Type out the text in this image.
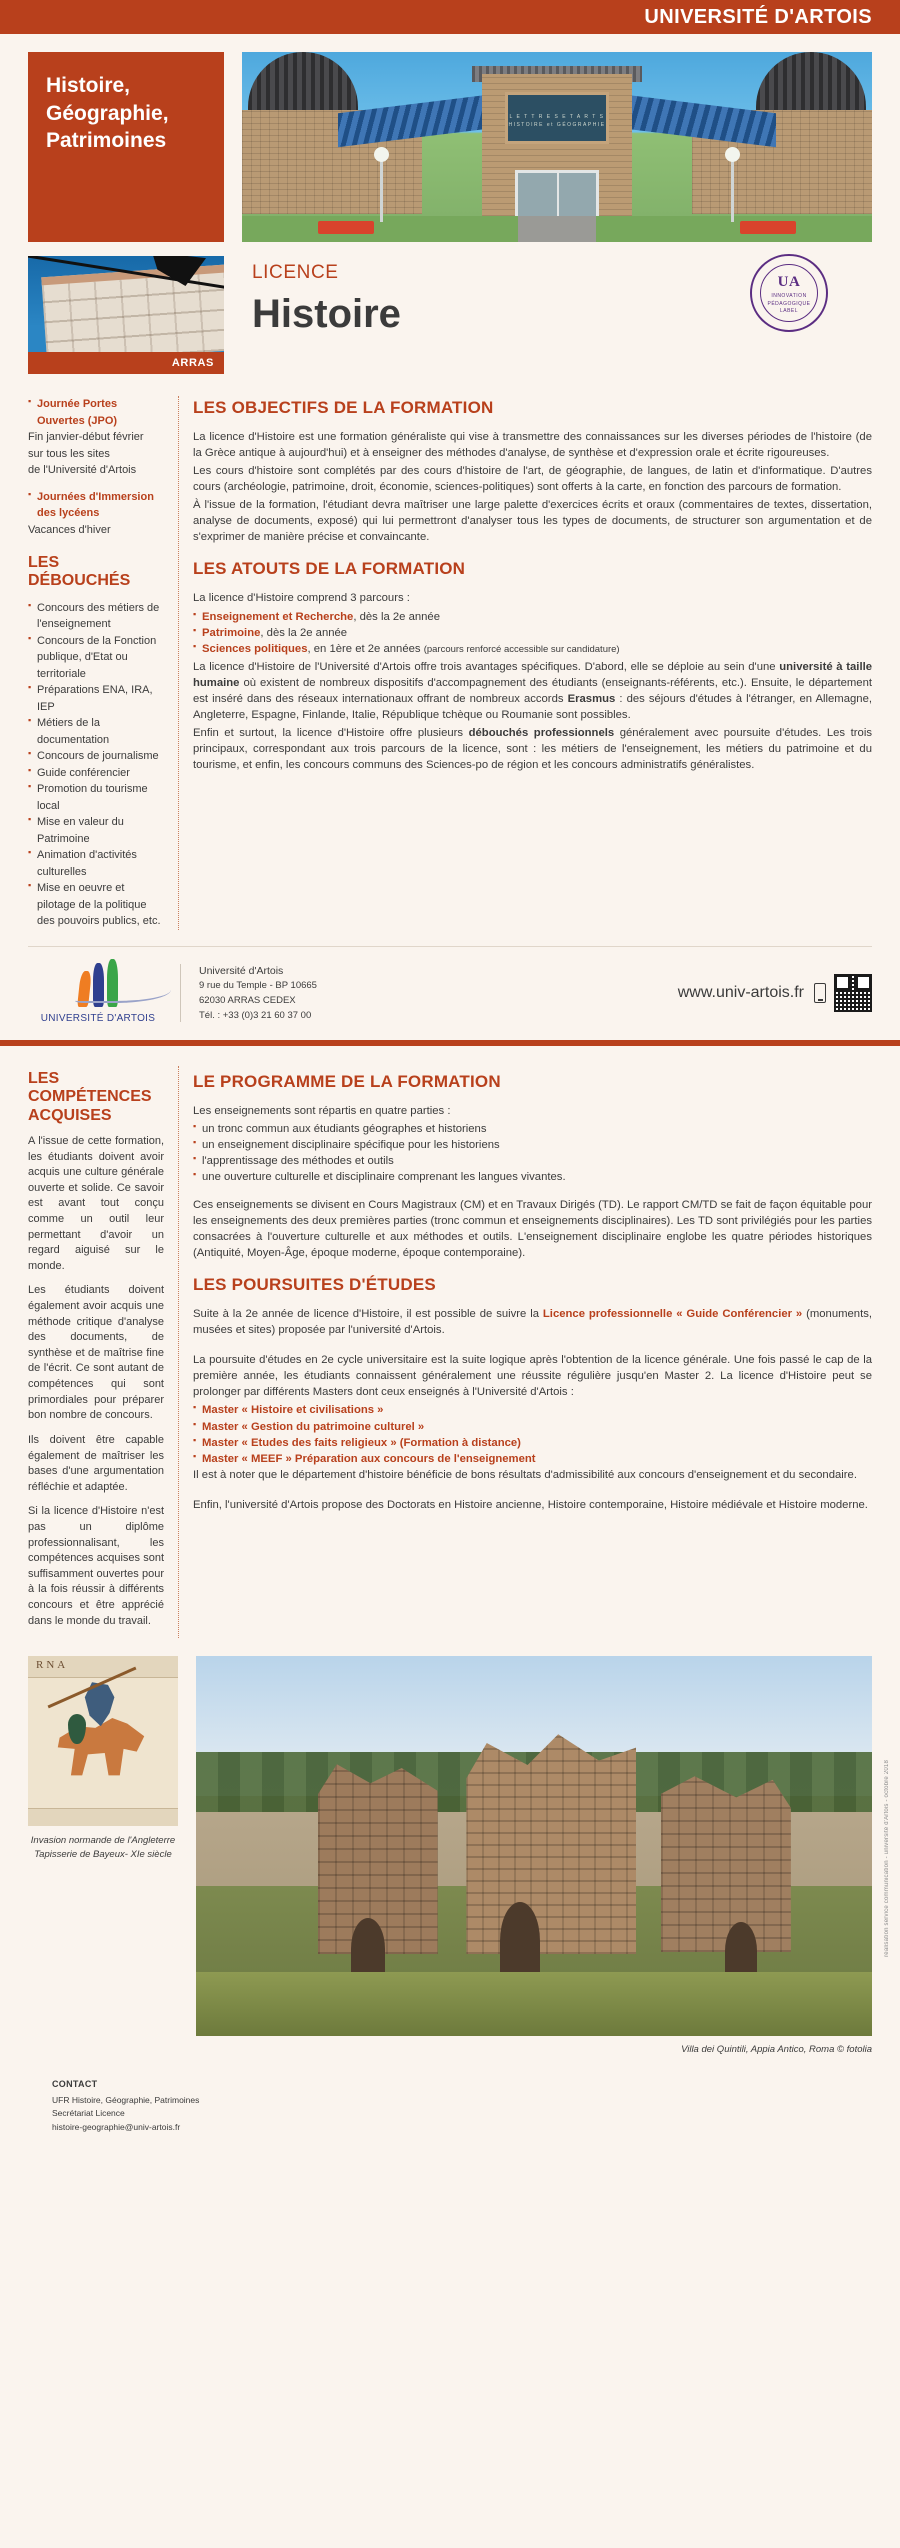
UNIVERSITÉ D'ARTOIS
Histoire,
Géographie,
Patrimoines
L E T T R E S E T A R T S
HISTOIRE et GÉOGRAPHIE
ARRAS
LICENCE
Histoire
UA
INNOVATION PÉDAGOGIQUE LABEL
▪ Journée Portes Ouvertes (JPO)
Fin janvier-début février
sur tous les sites
de l'Université d'Artois
▪ Journées d'Immersion des lycéens
Vacances d'hiver
LES DÉBOUCHÉS
▪ Concours des métiers de l'enseignement
▪ Concours de la Fonction publique, d'Etat ou territoriale
▪ Préparations ENA, IRA, IEP
▪ Métiers de la documentation
▪ Concours de journalisme
▪ Guide conférencier
▪ Promotion du tourisme local
▪ Mise en valeur du Patrimoine
▪ Animation d'activités culturelles
▪ Mise en oeuvre et pilotage de la politique des pouvoirs publics, etc.
LES OBJECTIFS DE LA FORMATION
La licence d'Histoire est une formation généraliste qui vise à transmettre des connaissances sur les diverses périodes de l'histoire (de la Grèce antique à aujourd'hui) et à enseigner des méthodes d'analyse, de synthèse et d'expression orale et écrite rigoureuses.
Les cours d'histoire sont complétés par des cours d'histoire de l'art, de géographie, de langues, de latin et d'informatique. D'autres cours (archéologie, patrimoine, droit, économie, sciences-politiques) sont offerts à la carte, en fonction des parcours de formation.
À l'issue de la formation, l'étudiant devra maîtriser une large palette d'exercices écrits et oraux (commentaires de textes, dissertation, analyse de documents, exposé) qui lui permettront d'analyser tous les types de documents, de structurer son argumentation et de s'exprimer de manière précise et convaincante.
LES ATOUTS DE LA FORMATION
La licence d'Histoire comprend 3 parcours :
▪ Enseignement et Recherche, dès la 2e année
▪ Patrimoine, dès la 2e année
▪ Sciences politiques, en 1ère et 2e années (parcours renforcé accessible sur candidature)
La licence d'Histoire de l'Université d'Artois offre trois avantages spécifiques. D'abord, elle se déploie au sein d'une université à taille humaine où existent de nombreux dispositifs d'accompagnement des étudiants (enseignants-référents, etc.). Ensuite, le département est inséré dans des réseaux internationaux offrant de nombreux accords Erasmus : des séjours d'études à l'étranger, en Allemagne, Angleterre, Espagne, Finlande, Italie, République tchèque ou Roumanie sont possibles.
Enfin et surtout, la licence d'Histoire offre plusieurs débouchés professionnels généralement avec poursuite d'études. Les trois principaux, correspondant aux trois parcours de la licence, sont : les métiers de l'enseignement, les métiers du patrimoine et du tourisme, et enfin, les concours communs des Sciences-po de région et les concours administratifs généralistes.
UNIVERSITÉ D'ARTOIS
Université d'Artois
9 rue du Temple - BP 10665
62030 ARRAS CEDEX
Tél. : +33 (0)3 21 60 37 00
www.univ-artois.fr
LES COMPÉTENCES
ACQUISES

A l'issue de cette formation, les étudiants doivent avoir acquis une culture générale ouverte et solide. Ce savoir est avant tout conçu comme un outil leur permettant d'avoir un regard aiguisé sur le monde.

Les étudiants doivent également avoir acquis une méthode critique d'analyse des documents, de synthèse et de maîtrise fine de l'écrit. Ce sont autant de compétences qui sont primordiales pour préparer bon nombre de concours.

Ils doivent être capable également de maîtriser les bases d'une argumentation réfléchie et adaptée.

Si la licence d'Histoire n'est pas un diplôme professionnalisant, les compétences acquises sont suffisamment ouvertes pour à la fois réussir à différents concours et être apprécié dans le monde du travail.

LE PROGRAMME DE LA FORMATION
Les enseignements sont répartis en quatre parties :
▪ un tronc commun aux étudiants géographes et historiens
▪ un enseignement disciplinaire spécifique pour les historiens
▪ l'apprentissage des méthodes et outils
▪ une ouverture culturelle et disciplinaire comprenant les langues vivantes.
Ces enseignements se divisent en Cours Magistraux (CM) et en Travaux Dirigés (TD). Le rapport CM/TD se fait de façon équitable pour les enseignements des deux premières parties (tronc commun et enseignements disciplinaires). Les TD sont privilégiés pour les parties consacrées à l'ouverture culturelle et aux méthodes et outils. L'enseignement disciplinaire englobe les quatre périodes historiques (Antiquité, Moyen-Âge, époque moderne, époque contemporaine).
LES POURSUITES D'ÉTUDES
Suite à la 2e année de licence d'Histoire, il est possible de suivre la Licence professionnelle « Guide Conférencier » (monuments, musées et sites) proposée par l'université d'Artois.
La poursuite d'études en 2e cycle universitaire est la suite logique après l'obtention de la licence générale. Une fois passé le cap de la première année, les étudiants connaissent généralement une réussite régulière jusqu'en Master 2. La licence d'Histoire peut se prolonger par différents Masters dont ceux enseignés à l'Université d'Artois :
▪ Master « Histoire et civilisations »
▪ Master « Gestion du patrimoine culturel »
▪ Master « Etudes des faits religieux » (Formation à distance)
▪ Master « MEEF » Préparation aux concours de l'enseignement
Il est à noter que le département d'histoire bénéficie de bons résultats d'admissibilité aux concours d'enseignement et du secondaire.
Enfin, l'université d'Artois propose des Doctorats en Histoire ancienne, Histoire contemporaine, Histoire médiévale et Histoire moderne.
RNA
Invasion normande de l'Angleterre
Tapisserie de Bayeux- XIe siècle
Villa dei Quintili, Appia Antico, Roma © fotolia
réalisation service communication - université d'Artois - octobre 2018
CONTACT
UFR Histoire, Géographie, Patrimoines
Secrétariat Licence
histoire-geographie@univ-artois.fr
